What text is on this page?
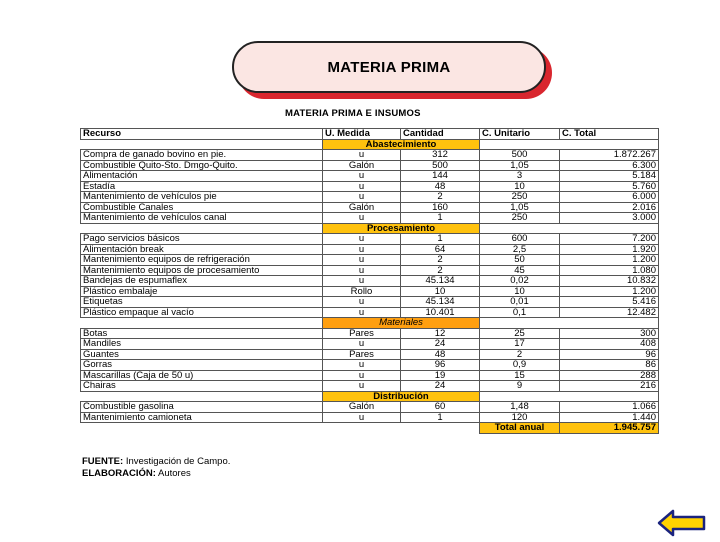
MATERIA PRIMA
MATERIA PRIMA E INSUMOS
Recurso	U. Medida	Cantidad	C. Unitario	C. Total
	Abastecimiento			
Compra de ganado bovino en pie.	u	312	500	1.872.267
Combustible Quito-Sto. Dmgo-Quito.	Galón	500	1,05	6.300
Alimentación	u	144	3	5.184
Estadía	u	48	10	5.760
Mantenimiento de vehículos pie	u	2	250	6.000
Combustible Canales	Galón	160	1,05	2.016
Mantenimiento de vehículos canal	u	1	250	3.000
	Procesamiento			
Pago servicios básicos	u	1	600	7.200
Alimentación break	u	64	2,5	1.920
Mantenimiento equipos de refrigeración	u	2	50	1.200
Mantenimiento equipos de procesamiento	u	2	45	1.080
Bandejas de espumaflex	u	45.134	0,02	10.832
Plástico embalaje	Rollo	10	10	1.200
Etiquetas	u	45.134	0,01	5.416
Plástico empaque al vacío	u	10.401	0,1	12.482
	Materiales			
Botas	Pares	12	25	300
Mandiles	u	24	17	408
Guantes	Pares	48	2	96
Gorras	u	96	0,9	86
Mascarillas (Caja de 50 u)	u	19	15	288
Chairas	u	24	9	216
	Distribución			
Combustible gasolina	Galón	60	1,48	1.066
Mantenimiento camioneta	u	1	120	1.440
			Total anual	1.945.757
FUENTE: Investigación de Campo.
ELABORACIÓN: Autores
